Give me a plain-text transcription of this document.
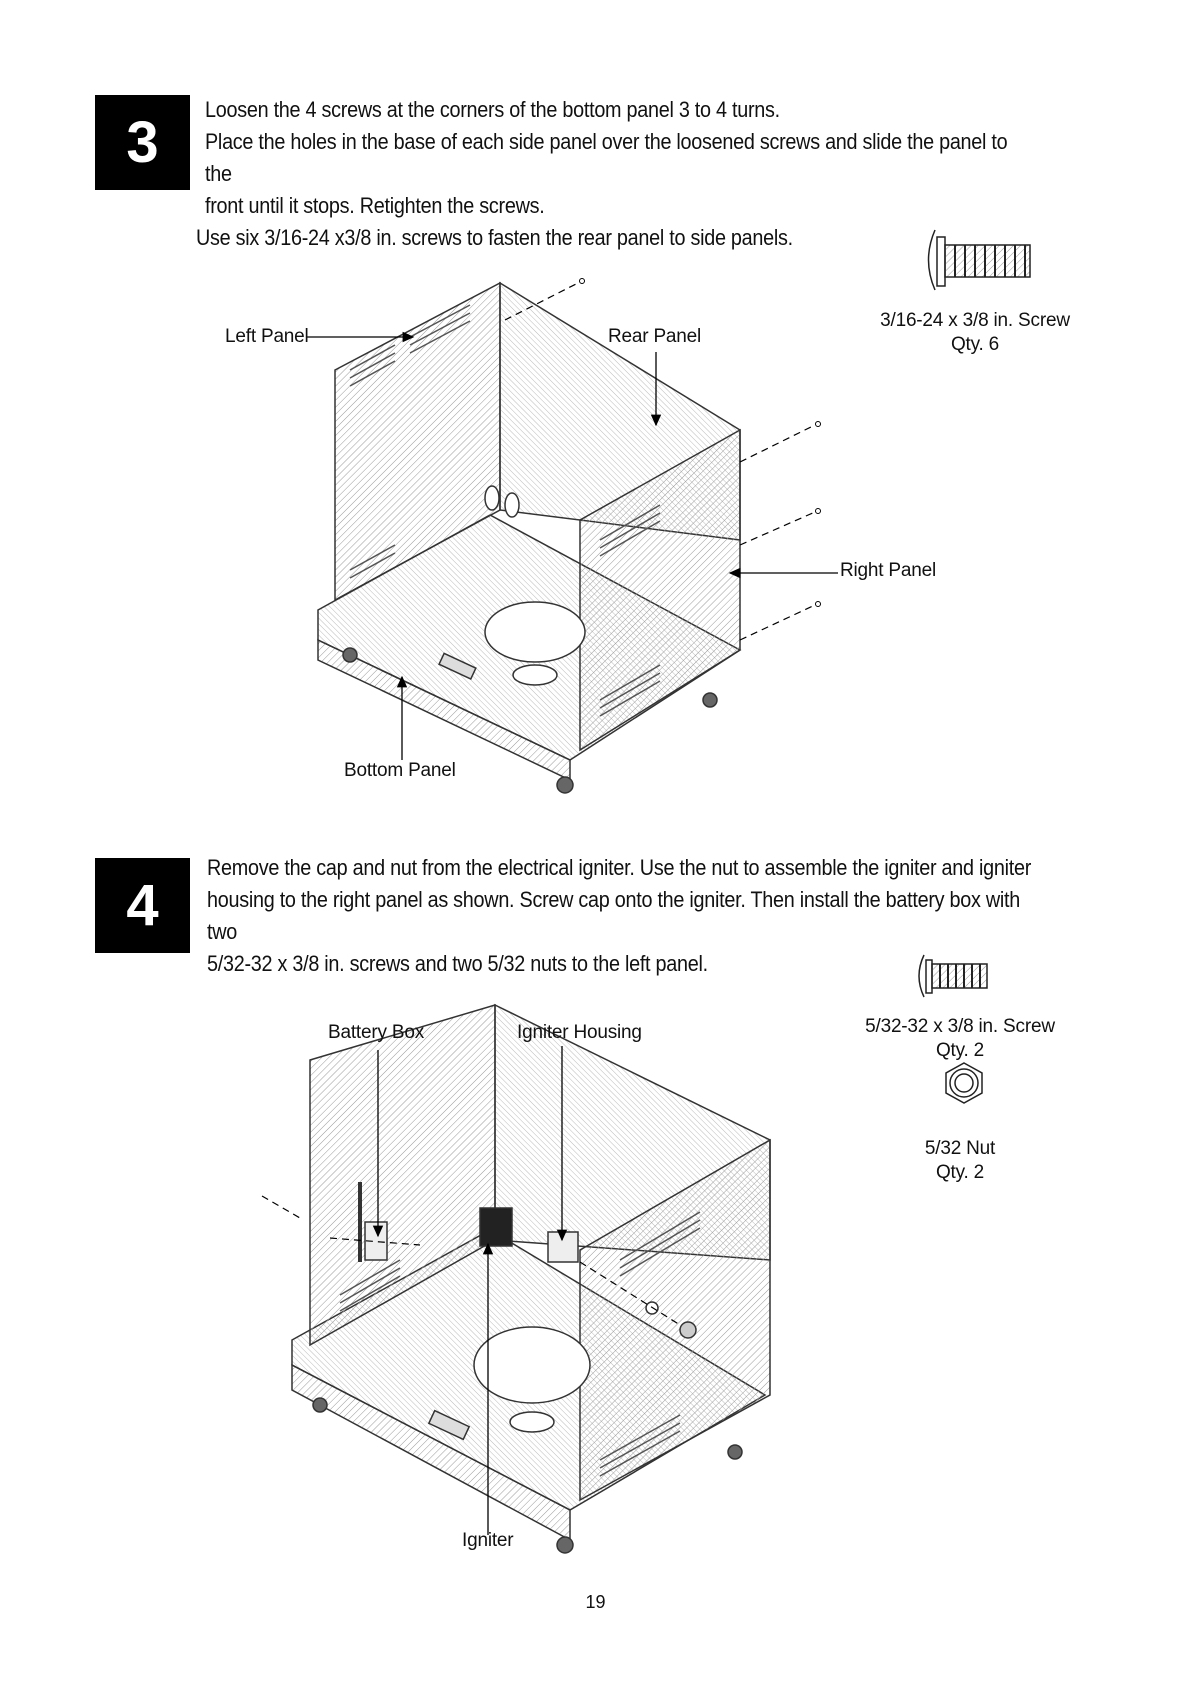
3

Loosen the 4 screws at the corners of the bottom panel 3 to 4 turns.

Place the holes in the base of each side panel over the loosened screws and slide the panel to the

front until it stops. Retighten the screws.

Use six 3/16-24 x3/8 in. screws to fasten the rear panel to side panels.

Left Panel	Rear Panel
Right Panel
Bottom Panel
3/16-24 x 3/8 in. Screw
Qty. 6
4

Remove the cap and nut from the electrical igniter. Use the nut to assemble the igniter and igniter

housing to the right panel as shown. Screw cap onto the igniter. Then install the battery box with two

5/32-32 x 3/8 in. screws and two 5/32 nuts to the left panel.

Battery Box	Igniter Housing
Igniter
5/32-32 x 3/8 in. Screw
Qty. 2
5/32 Nut
Qty. 2
19
